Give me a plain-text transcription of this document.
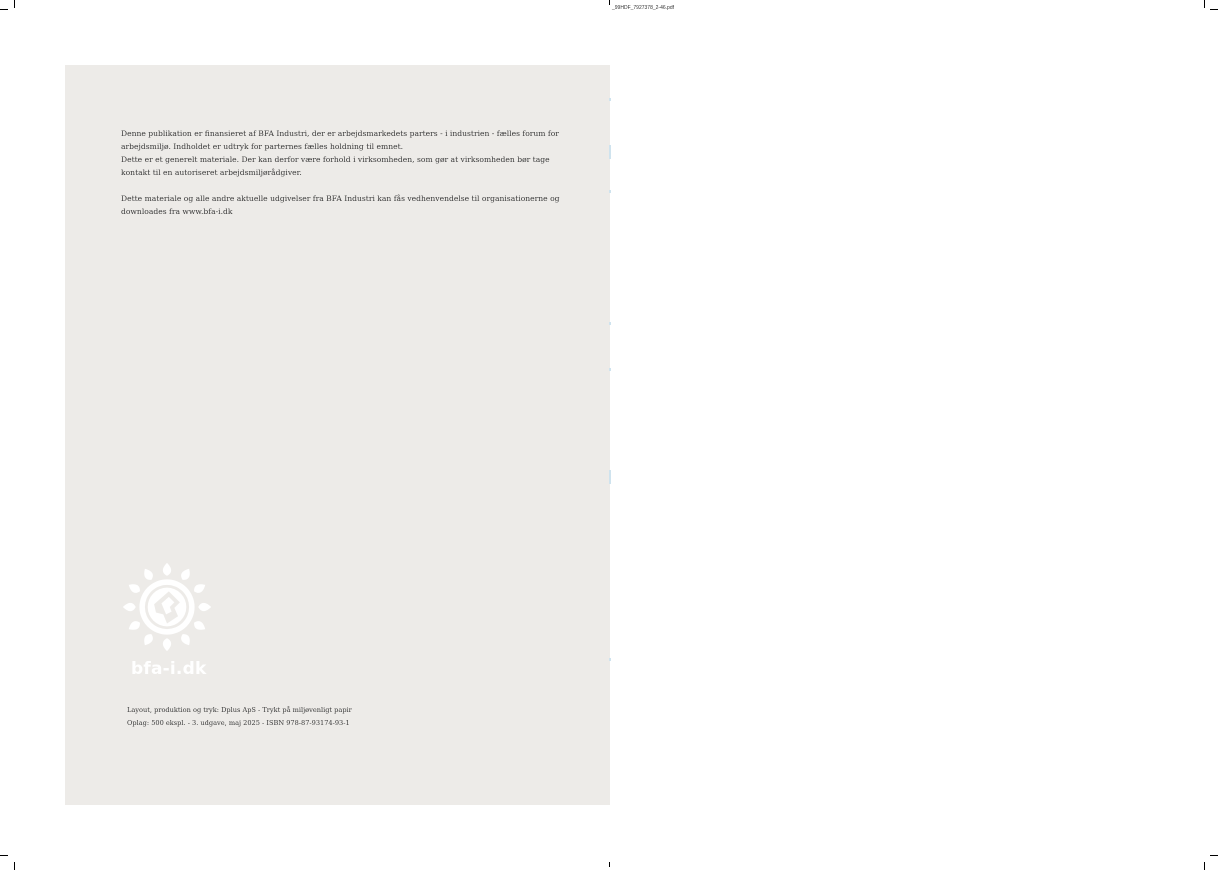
_99HDF_7927378_2-46.pdf

Denne publikation er finansieret af BFA Industri, der er arbejdsmarkedets parters - i industrien - fælles forum for arbejdsmiljø. Indholdet er udtryk for parternes fælles holdning til emnet.

Dette er et generelt materiale. Der kan derfor være forhold i virksomheden, som gør at virksomheden bør tage kontakt til en autoriseret arbejdsmiljørådgiver.

Dette materiale og alle andre aktuelle udgivelser fra BFA Industri kan fås vedhenvendelse til organisationerne og downloades fra www.bfa-i.dk

bfa-i.dk
Layout, produktion og tryk: Dplus ApS - Trykt på miljøvenligt papir
Oplag: 500 ekspl. - 3. udgave, maj 2025 - ISBN 978-87-93174-93-1
